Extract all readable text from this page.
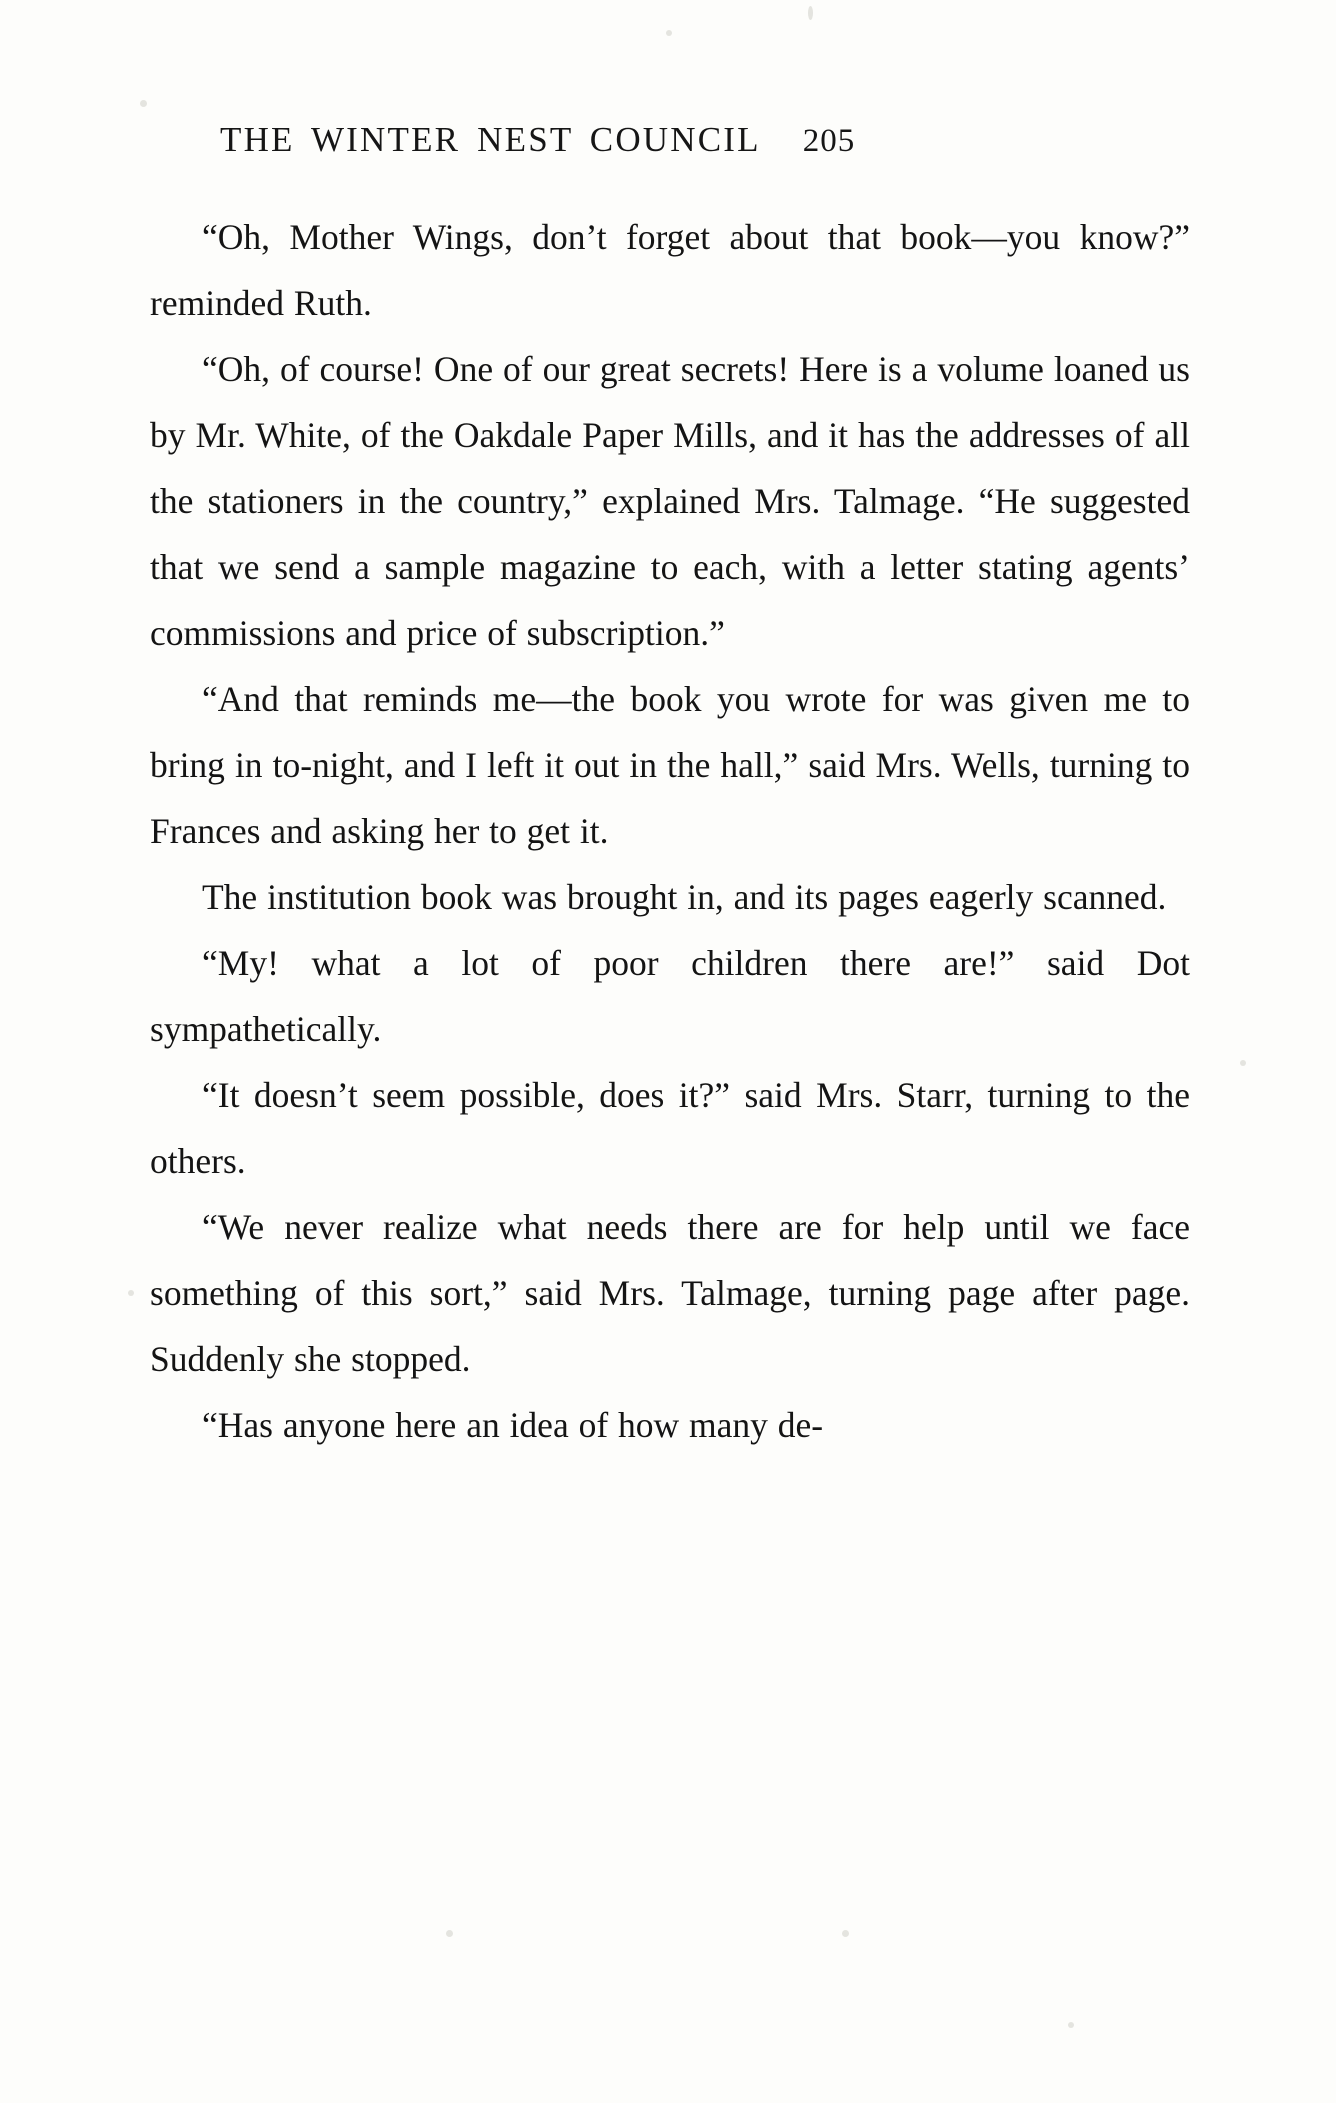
THE WINTER NEST COUNCIL 205

“Oh, Mother Wings, don’t forget about that book—you know?” reminded Ruth.

“Oh, of course! One of our great secrets! Here is a volume loaned us by Mr. White, of the Oakdale Paper Mills, and it has the addresses of all the stationers in the country,” explained Mrs. Talmage. “He suggested that we send a sample magazine to each, with a letter stating agents’ commissions and price of subscription.”

“And that reminds me—the book you wrote for was given me to bring in to-night, and I left it out in the hall,” said Mrs. Wells, turning to Frances and asking her to get it.

The institution book was brought in, and its pages eagerly scanned.

“My! what a lot of poor children there are!” said Dot sympathetically.

“It doesn’t seem possible, does it?” said Mrs. Starr, turning to the others.

“We never realize what needs there are for help until we face something of this sort,” said Mrs. Talmage, turning page after page. Suddenly she stopped.

“Has anyone here an idea of how many de-
